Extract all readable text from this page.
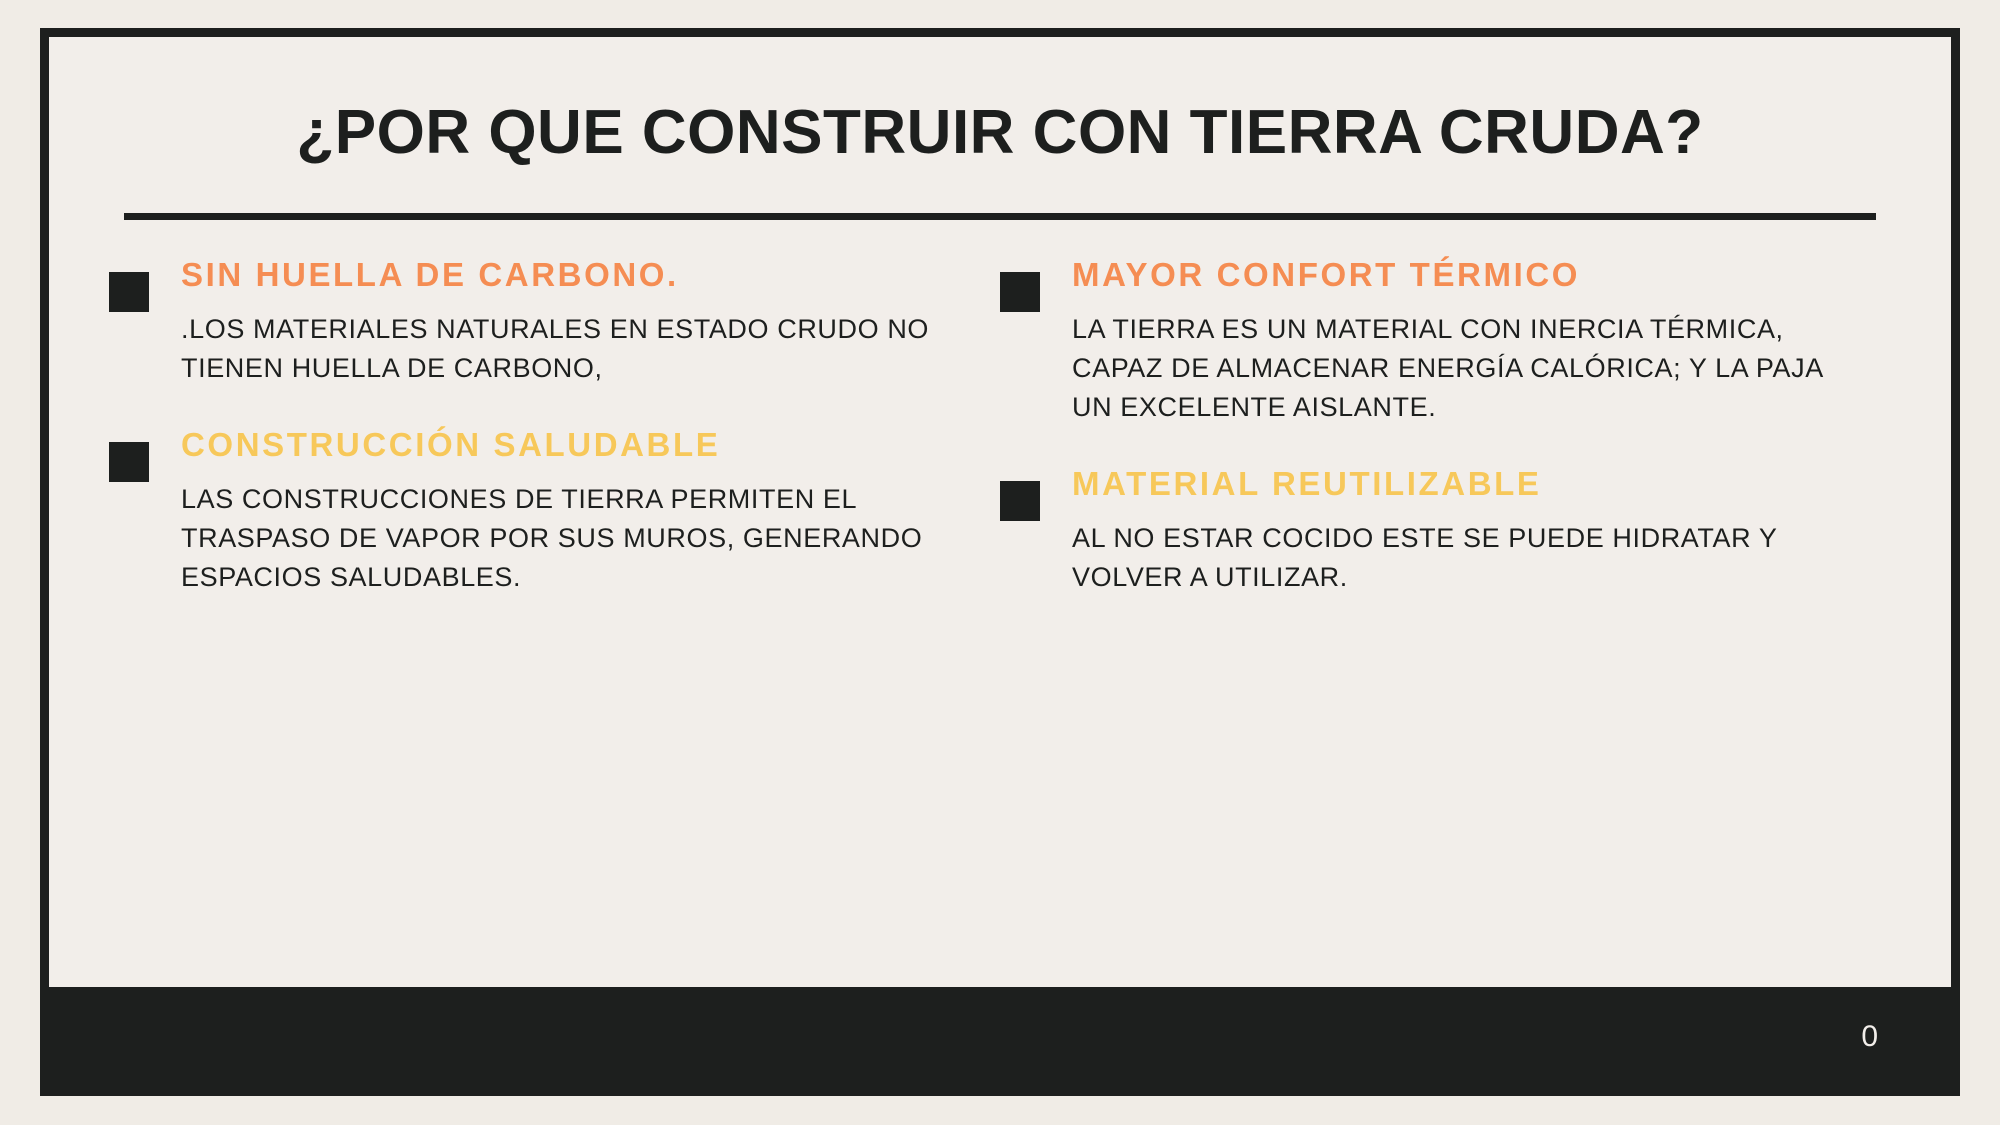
¿POR QUE CONSTRUIR CON TIERRA CRUDA?

SIN HUELLA DE CARBONO.

.LOS MATERIALES NATURALES EN ESTADO CRUDO NO TIENEN HUELLA DE CARBONO,

CONSTRUCCIÓN SALUDABLE

LAS CONSTRUCCIONES DE TIERRA PERMITEN EL TRASPASO DE VAPOR POR SUS MUROS, GENERANDO ESPACIOS SALUDABLES.

MAYOR CONFORT TÉRMICO

LA TIERRA ES UN MATERIAL CON INERCIA TÉRMICA, CAPAZ DE ALMACENAR ENERGÍA CALÓRICA; Y LA PAJA UN EXCELENTE AISLANTE.

MATERIAL REUTILIZABLE

AL NO ESTAR COCIDO ESTE SE PUEDE HIDRATAR Y VOLVER A UTILIZAR.

0
